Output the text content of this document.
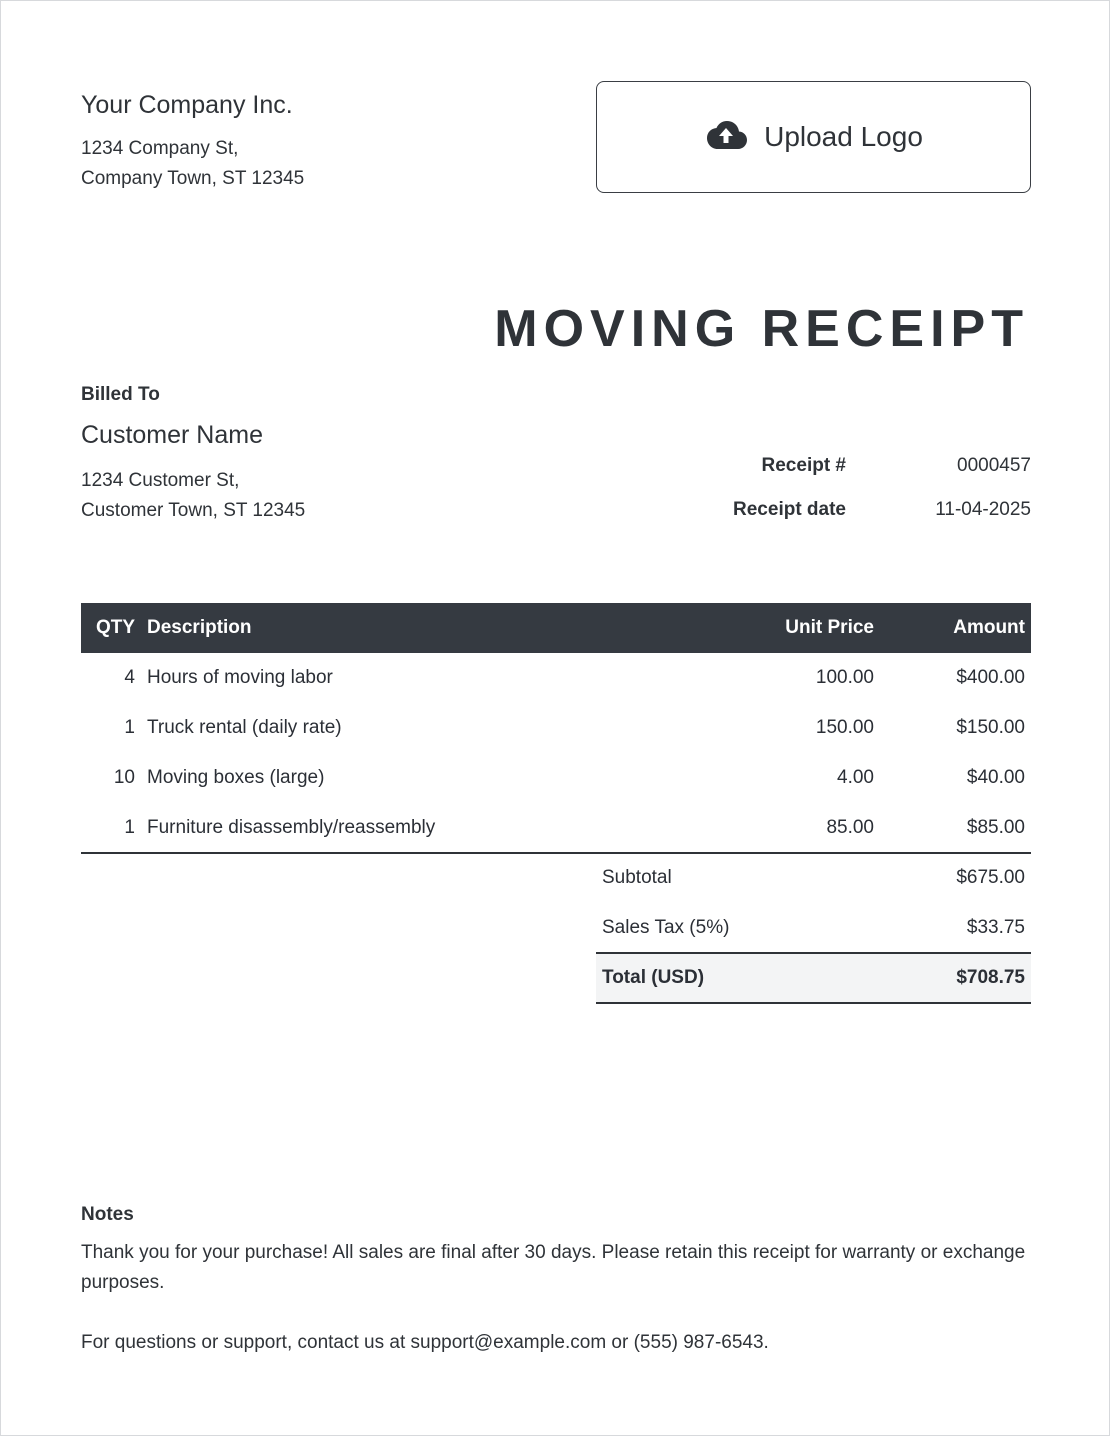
Your Company Inc.
1234 Company St,
Company Town, ST 12345
Upload Logo
MOVING RECEIPT
Billed To
Customer Name
1234 Customer St,
Customer Town, ST 12345
Receipt #	0000457
Receipt date	11-04-2025
QTY	Description	Unit Price	Amount
4	Hours of moving labor	100.00	$400.00
1	Truck rental (daily rate)	150.00	$150.00
10	Moving boxes (large)	4.00	$40.00
1	Furniture disassembly/reassembly	85.00	$85.00
Subtotal	$675.00
Sales Tax (5%)	$33.75
Total (USD)	$708.75
Notes
Thank you for your purchase! All sales are final after 30 days. Please retain this receipt for warranty or exchange purposes.
For questions or support, contact us at support@example.com or (555) 987-6543.
